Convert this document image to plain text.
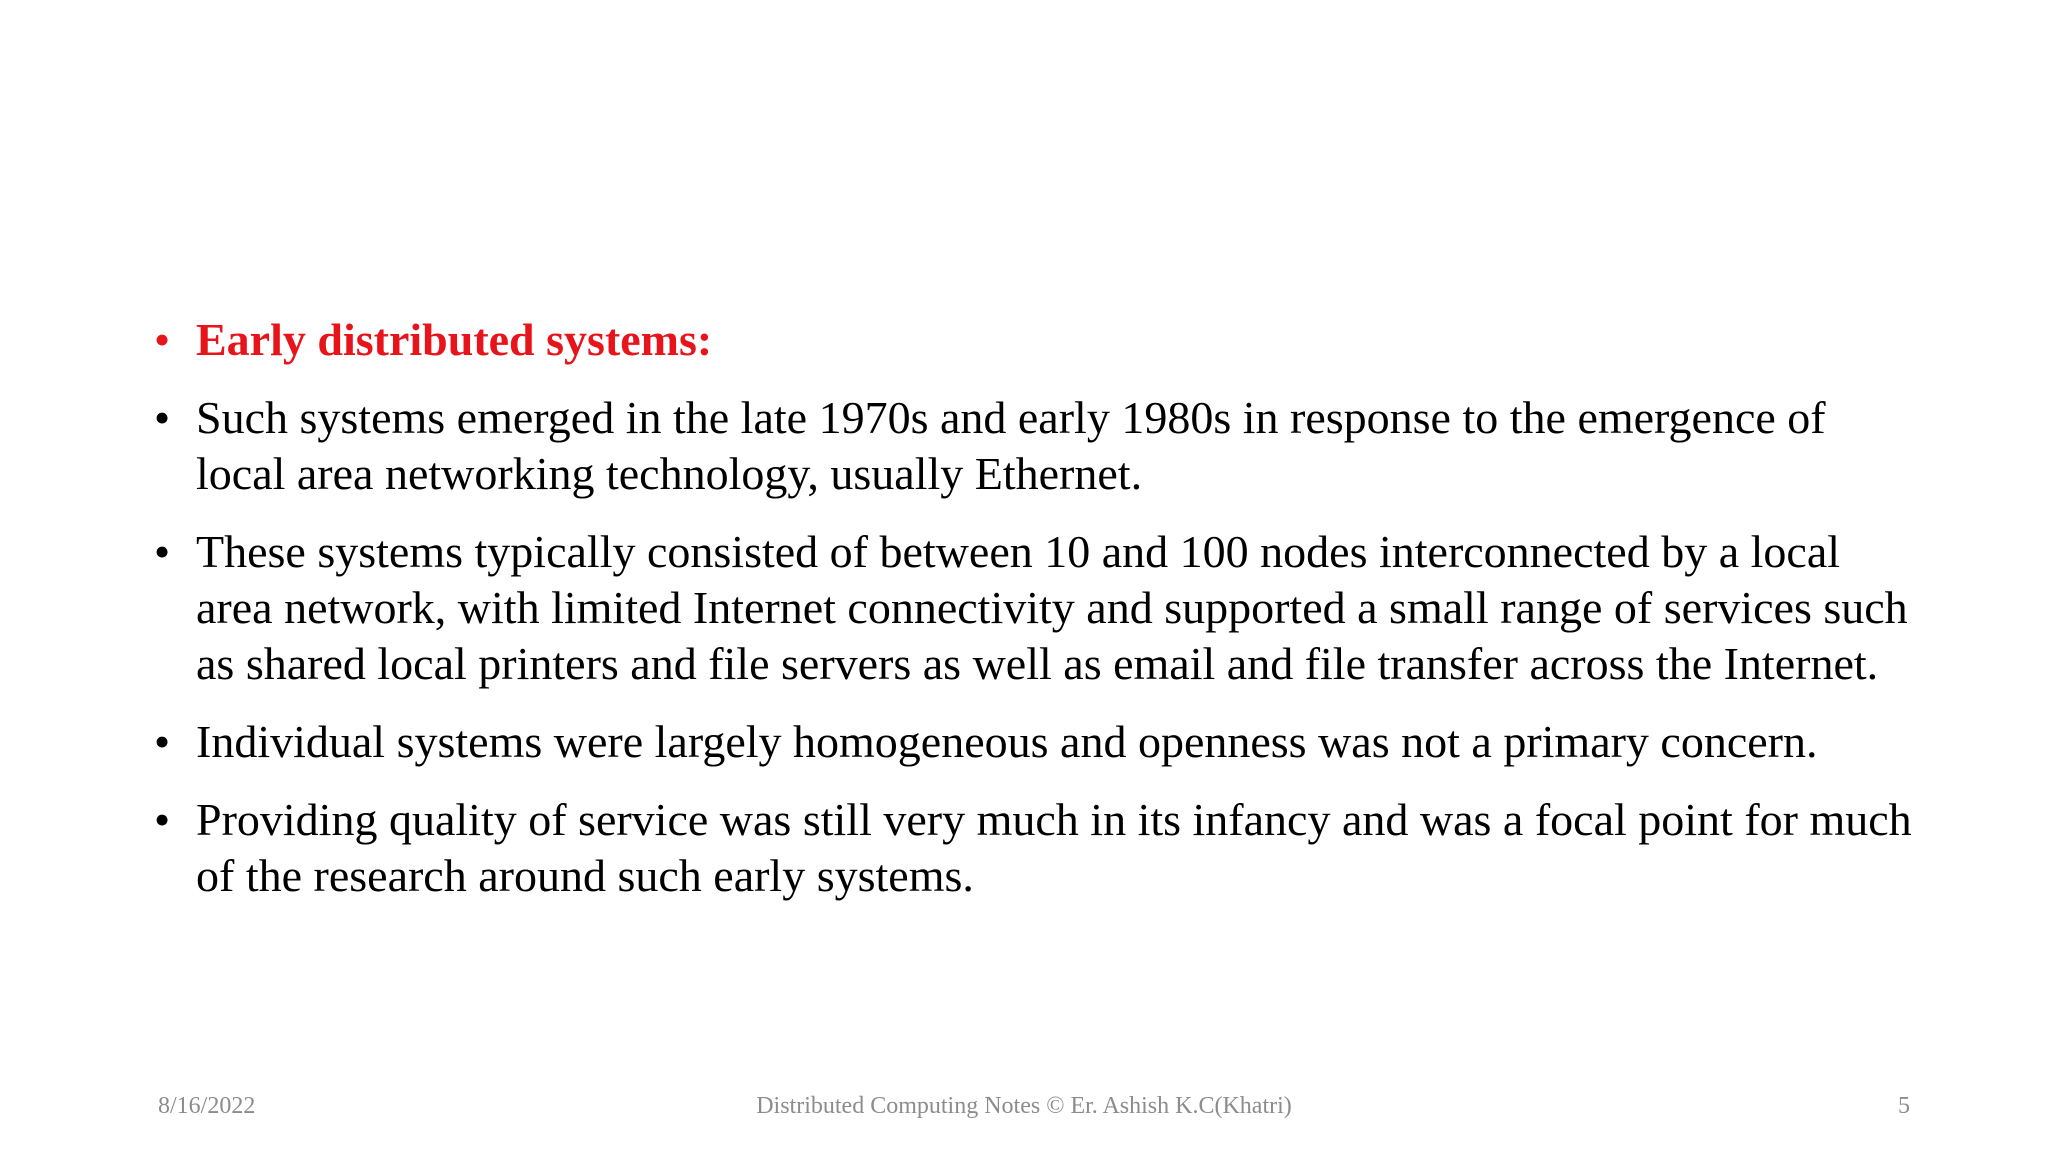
• Early distributed systems:
• Such systems emerged in the late 1970s and early 1980s in response to the emergence of local area networking technology, usually Ethernet.
• These systems typically consisted of between 10 and 100 nodes interconnected by a local area network, with limited Internet connectivity and supported a small range of services such as shared local printers and file servers as well as email and file transfer across the Internet.
• Individual systems were largely homogeneous and openness was not a primary concern.
• Providing quality of service was still very much in its infancy and was a focal point for much of the research around such early systems.
8/16/2022	Distributed Computing Notes © Er. Ashish K.C(Khatri)	5
